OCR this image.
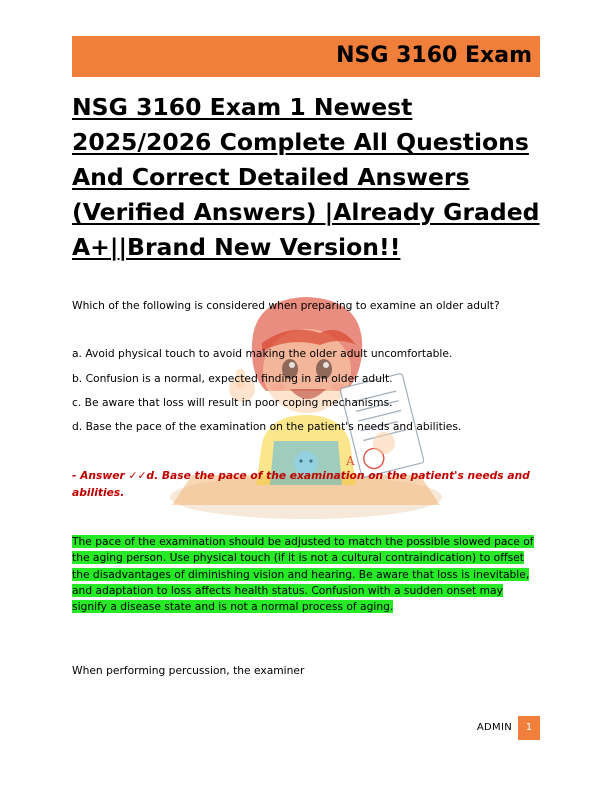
NSG 3160 Exam
NSG 3160 Exam 1 Newest 2025/2026 Complete All Questions And Correct Detailed Answers (Verified Answers) |Already Graded A+||Brand New Version!!
A

Which of the following is considered when preparing to examine an older adult?

a. Avoid physical touch to avoid making the older adult uncomfortable.
b. Confusion is a normal, expected finding in an older adult.
c. Be aware that loss will result in poor coping mechanisms.
d. Base the pace of the examination on the patient's needs and abilities.

- Answer ✓✓d. Base the pace of the examination on the patient's needs and abilities.

The pace of the examination should be adjusted to match the possible slowed pace of the aging person. Use physical touch (if it is not a cultural contraindication) to offset the disadvantages of diminishing vision and hearing. Be aware that loss is inevitable, and adaptation to loss affects health status. Confusion with a sudden onset may signify a disease state and is not a normal process of aging.

When performing percussion, the examiner

ADMIN	1
